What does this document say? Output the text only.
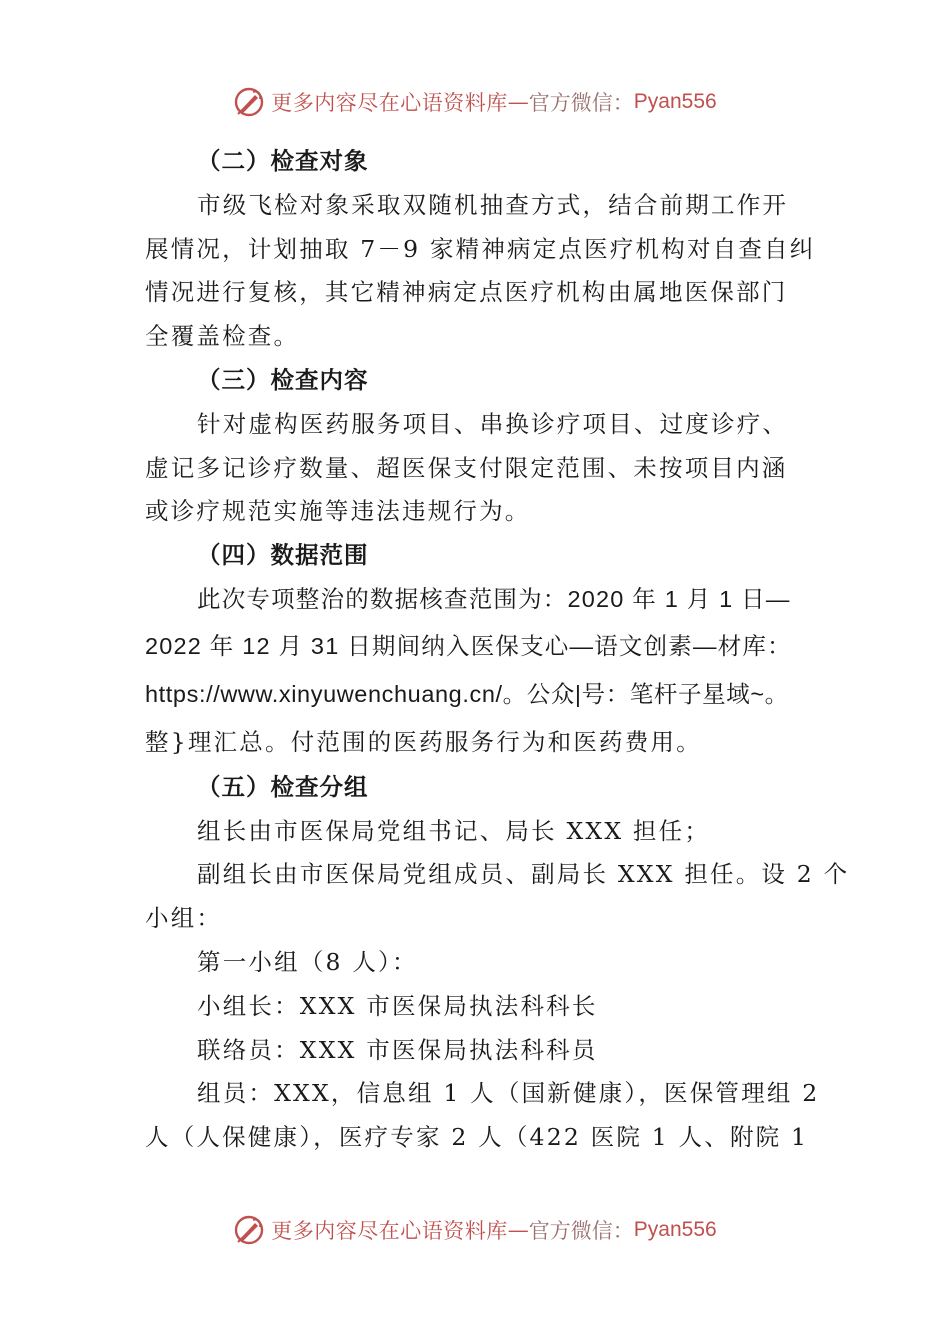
更多内容尽在心语资料库 — 官方微信： Pyan556
（二）检查对象
市级飞检对象采取双随机抽查方式，结合前期工作开
展情况，计划抽取 7－9 家精神病定点医疗机构对自查自纠
情况进行复核，其它精神病定点医疗机构由属地医保部门
全覆盖检查。
（三）检查内容
针对虚构医药服务项目、串换诊疗项目、过度诊疗、
虚记多记诊疗数量、超医保支付限定范围、未按项目内涵
或诊疗规范实施等违法违规行为。
（四）数据范围
此次专项整治的数据核查范围为：2020 年 1 月 1 日—
2022 年 12 月 31 日期间纳入医保支心—语文创素—材库：
https://www.xinyuwenchuang.cn/。公众|号：笔杆子星域~。
整}理汇总。付范围的医药服务行为和医药费用。
（五）检查分组
组长由市医保局党组书记、局长 XXX 担任；
副组长由市医保局党组成员、副局长 XXX 担任。设 2 个
小组：
第一小组（8 人）：
小组长：XXX 市医保局执法科科长
联络员：XXX 市医保局执法科科员
组员：XXX，信息组 1 人（国新健康），医保管理组 2
人（人保健康），医疗专家 2 人（422 医院 1 人、附院 1
更多内容尽在心语资料库 — 官方微信： Pyan556
